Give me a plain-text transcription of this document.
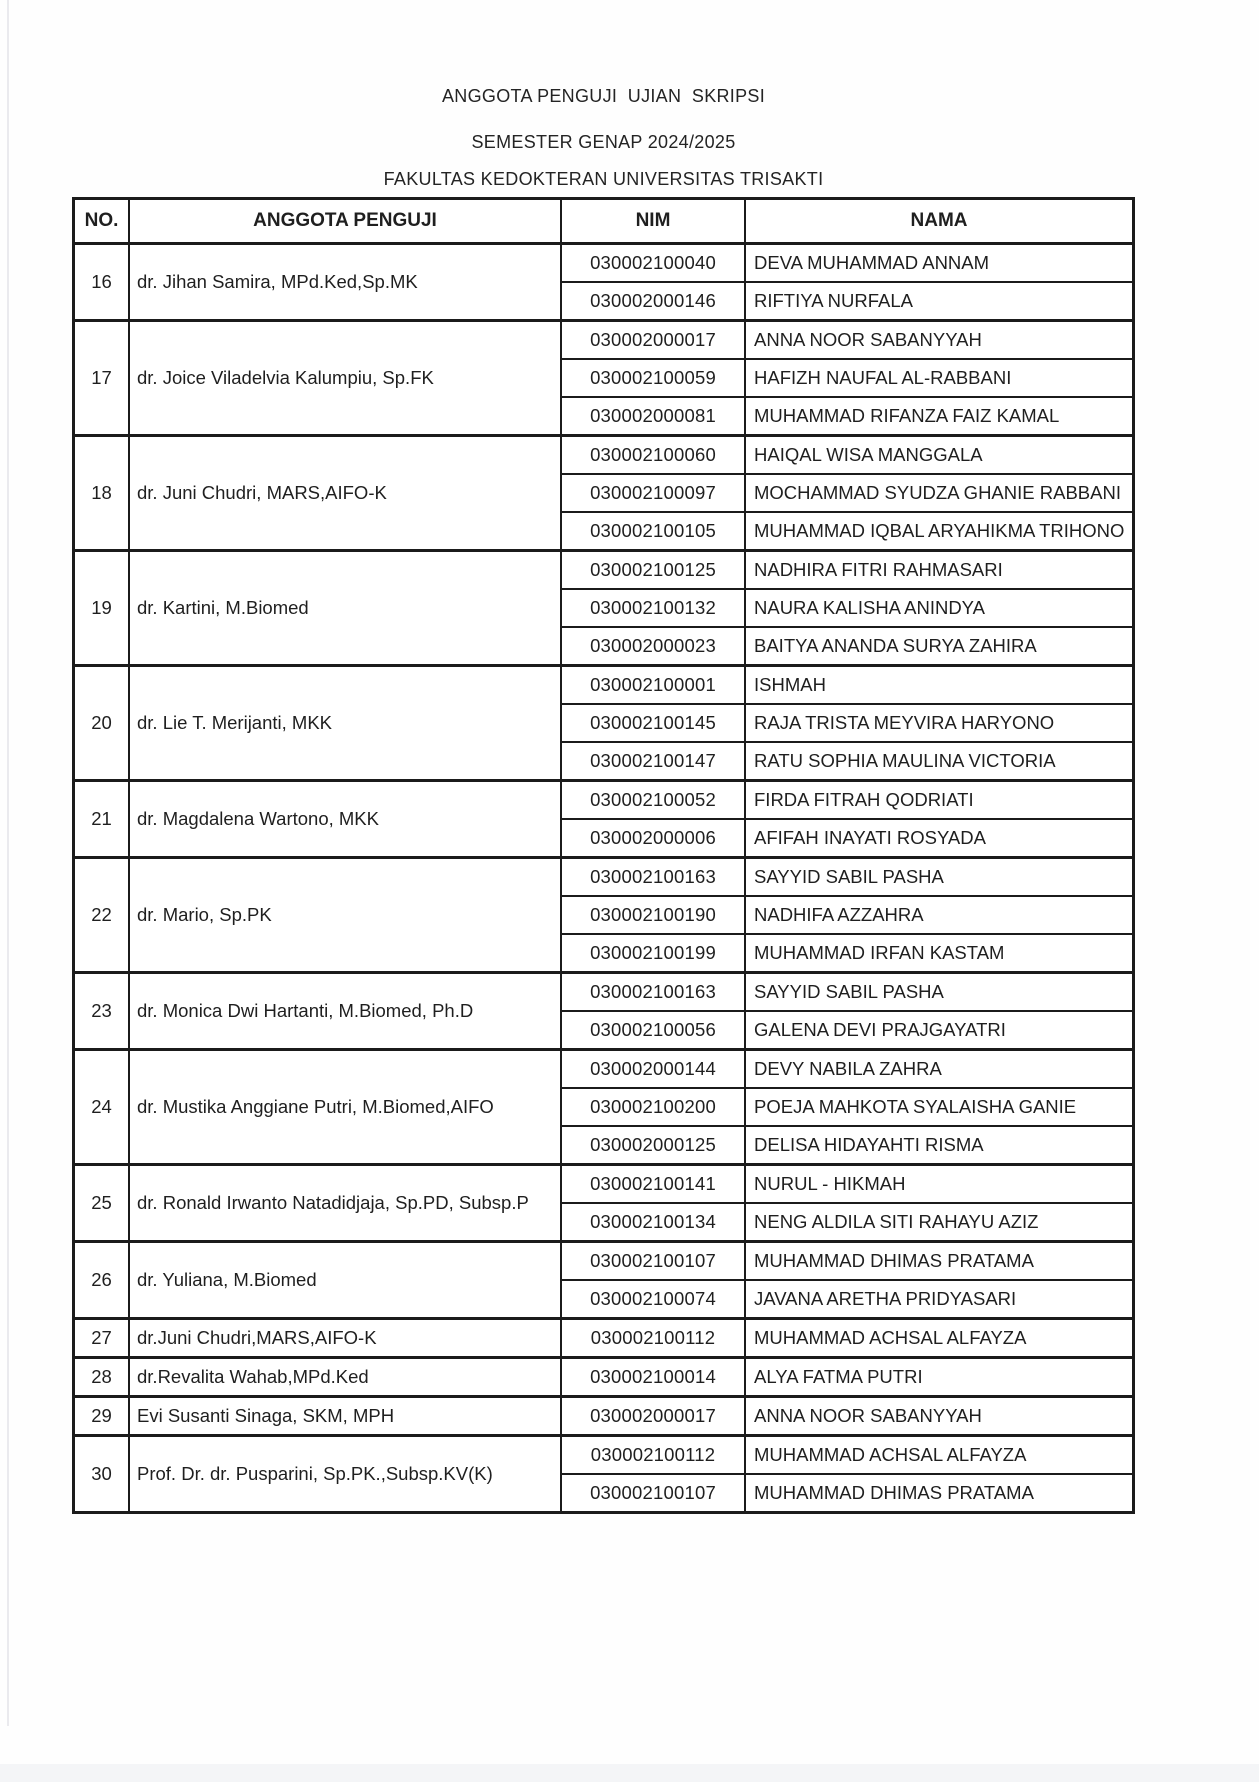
ANGGOTA PENGUJI  UJIAN  SKRIPSI
SEMESTER GENAP 2024/2025
FAKULTAS KEDOKTERAN UNIVERSITAS TRISAKTI
NO.	ANGGOTA PENGUJI	NIM	NAMA
16	dr. Jihan Samira, MPd.Ked,Sp.MK
030002100040	DEVA MUHAMMAD ANNAM
030002000146	RIFTIYA NURFALA
17	dr. Joice Viladelvia Kalumpiu, Sp.FK
030002000017	ANNA NOOR SABANYYAH
030002100059	HAFIZH NAUFAL AL-RABBANI
030002000081	MUHAMMAD RIFANZA FAIZ KAMAL
18	dr. Juni Chudri, MARS,AIFO-K
030002100060	HAIQAL WISA MANGGALA
030002100097	MOCHAMMAD SYUDZA GHANIE RABBANI
030002100105	MUHAMMAD IQBAL ARYAHIKMA TRIHONO
19	dr. Kartini, M.Biomed
030002100125	NADHIRA FITRI RAHMASARI
030002100132	NAURA KALISHA ANINDYA
030002000023	BAITYA ANANDA SURYA ZAHIRA
20	dr. Lie T. Merijanti, MKK
030002100001	ISHMAH
030002100145	RAJA TRISTA MEYVIRA HARYONO
030002100147	RATU SOPHIA MAULINA VICTORIA
21	dr. Magdalena Wartono, MKK
030002100052	FIRDA FITRAH QODRIATI
030002000006	AFIFAH INAYATI ROSYADA
22	dr. Mario, Sp.PK
030002100163	SAYYID SABIL PASHA
030002100190	NADHIFA AZZAHRA
030002100199	MUHAMMAD IRFAN KASTAM
23	dr. Monica Dwi Hartanti, M.Biomed, Ph.D
030002100163	SAYYID SABIL PASHA
030002100056	GALENA DEVI PRAJGAYATRI
24	dr. Mustika Anggiane Putri, M.Biomed,AIFO
030002000144	DEVY NABILA ZAHRA
030002100200	POEJA MAHKOTA SYALAISHA GANIE
030002000125	DELISA HIDAYAHTI RISMA
25	dr. Ronald Irwanto Natadidjaja, Sp.PD, Subsp.P
030002100141	NURUL - HIKMAH
030002100134	NENG ALDILA SITI RAHAYU AZIZ
26	dr. Yuliana, M.Biomed
030002100107	MUHAMMAD DHIMAS PRATAMA
030002100074	JAVANA ARETHA PRIDYASARI
27	dr.Juni Chudri,MARS,AIFO-K	030002100112	MUHAMMAD ACHSAL ALFAYZA
28	dr.Revalita Wahab,MPd.Ked	030002100014	ALYA FATMA PUTRI
29	Evi Susanti Sinaga, SKM, MPH	030002000017	ANNA NOOR SABANYYAH
30	Prof. Dr. dr. Pusparini, Sp.PK.,Subsp.KV(K)
030002100112	MUHAMMAD ACHSAL ALFAYZA
030002100107	MUHAMMAD DHIMAS PRATAMA
